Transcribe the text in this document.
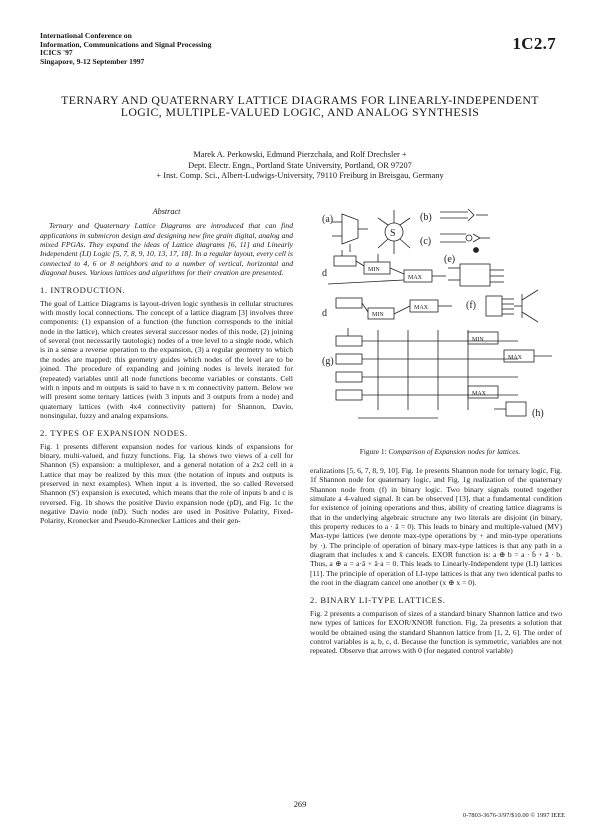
International Conference on
Information, Communications and Signal Processing
ICICS '97
Singapore, 9-12 September 1997
1C2.7
TERNARY AND QUATERNARY LATTICE DIAGRAMS FOR LINEARLY-INDEPENDENT LOGIC, MULTIPLE-VALUED LOGIC, AND ANALOG SYNTHESIS
Marek A. Perkowski, Edmund Pierzchała, and Rolf Drechsler +
Dept. Electr. Engn., Portland State University, Portland, OR 97207
+ Inst. Comp. Sci., Albert-Ludwigs-University, 79110 Freiburg in Breisgau, Germany
Abstract

Ternary and Quaternary Lattice Diagrams are introduced that can find applications in submicron design and designing new fine grain digital, analog and mixed FPGAs. They expand the ideas of Lattice diagrams [6, 11] and Linearly Independent (LI) Logic [5, 7, 8, 9, 10, 13, 17, 18]. In a regular layout, every cell is connected to 4, 6 or 8 neighbors and to a number of vertical, horizontal and diagonal buses. Various lattices and algorithms for their creation are presented.

1. INTRODUCTION.

The goal of Lattice Diagrams is layout-driven logic synthesis in cellular structures with mostly local connections. The concept of a lattice diagram [3] involves three components: (1) expansion of a function (the function corresponds to the initial node in the lattice), which creates several successor nodes of this node, (2) joining of several (not necessarily tautologic) nodes of a tree level to a single node, which is in a sense a reverse operation to the expansion, (3) a regular geometry to which the nodes are mapped; this geometry guides which nodes of the level are to be joined. The procedure of expanding and joining nodes is levels iterated for (repeated) variables until all node functions become variables or constants. Cell with n inputs and m outputs is said to have n x m connectivity pattern. Below we will present some ternary lattices (with 3 inputs and 3 outputs from a node) and quaternary lattices (with 4x4 connectivity pattern) for Shannon, Davio, nonsingular, fuzzy and analog expansions.

2. TYPES OF EXPANSION NODES.

Fig. 1 presents different expansion nodes for various kinds of expansions for binary, multi-valued, and fuzzy functions. Fig. 1a shows two views of a cell for Shannon (S) expansion: a multiplexer, and a general notation of a 2x2 cell in a Lattice that may be realized by this mux (the notation of inputs and outputs is preserved in next examples). When input a is inverted, the so called Reversed Shannon (S') expansion is executed, which means that the role of inputs b and c is reversed. Fig. 1b shows the positive Davio expansion node (pD), and Fig. 1c the negative Davio node (nD). Such nodes are used in Positive Polarity, Fixed-Polarity, Kronecker and Pseudo-Kronecker Lattices and their gen-

(a)
S
(b)
(c)
d	MIN
MAX
(e)
MIN
MAX
d
(f)
(g)
MIN
MAX
MAX
(h)
Figure 1: Comparison of Expansion nodes for lattices.

eralizations [5, 6, 7, 8, 9, 10]. Fig. 1e presents Shannon node for ternary logic, Fig. 1f Shannon node for quaternary logic, and Fig. 1g realization of the quaternary Shannon node from (f) in binary logic. Two binary signals routed together simulate a 4-valued signal. It can be observed [13], that a fundamental condition for existence of joining operations and thus, ability of creating lattice diagrams is that in the underlying algebraic structure any two literals are disjoint (in binary, this property reduces to a · ā = 0). This leads to binary and multiple-valued (MV) Max-type lattices (we denote max-type operations by + and min-type operations by ·). The principle of operation of binary max-type lattices is that any path in a diagram that includes x and x̄ cancels. EXOR function is: a ⊕ b = a · b̄ + ā · b. Thus, a ⊕ a = a·ā + ā·a = 0. This leads to Linearly-Independent type (LI) lattices [11]. The principle of operation of LI-type lattices is that any two identical paths to the root in the diagram cancel one another (x ⊕ x = 0).

2. BINARY LI-TYPE LATTICES.

Fig. 2 presents a comparison of sizes of a standard binary Shannon lattice and two new types of lattices for EXOR/XNOR function. Fig. 2a presents a solution that would be obtained using the standard Shannon lattice from [1, 2, 6]. The order of control variables is a, b, c, d. Because the function is symmetric, variables are not repeated. Observe that arrows with 0 (for negated control variable)

269
0-7803-3676-3/97/$10.00 © 1997 IEEE
